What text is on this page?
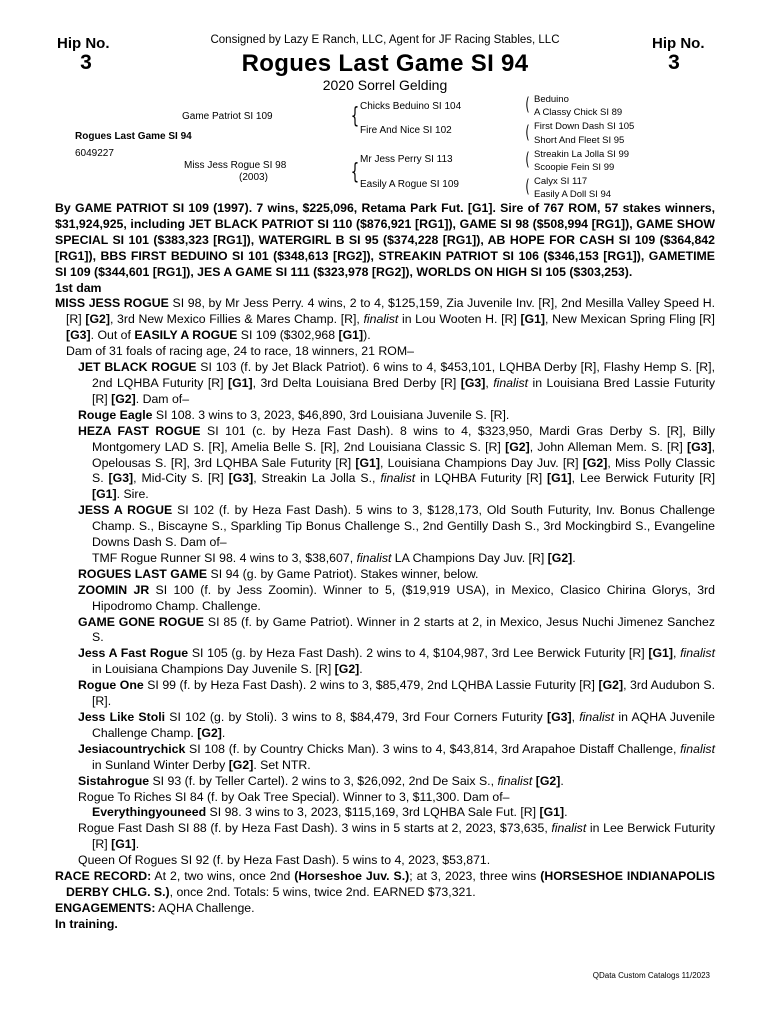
Hip No.
3
Hip No.
3
Consigned by Lazy E Ranch, LLC, Agent for JF Racing Stables, LLC
Rogues Last Game SI 94
2020 Sorrel Gelding
Rogues Last Game SI 94
6049227
Game Patriot SI 109
Miss Jess Rogue SI 98
(2003)
{
{
Chicks Beduino SI 104
Fire And Nice SI 102
Mr Jess Perry SI 113
Easily A Rogue SI 109
(
(
(
(
Beduino
A Classy Chick SI 89
First Down Dash SI 105
Short And Fleet SI 95
Streakin La Jolla SI 99
Scoopie Fein SI 99
Calyx SI 117
Easily A Doll SI 94

By GAME PATRIOT SI 109 (1997). 7 wins, $225,096, Retama Park Fut. [G1]. Sire of 767 ROM, 57 stakes winners, $31,924,925, including JET BLACK PATRIOT SI 110 ($876,921 [RG1]), GAME SI 98 ($508,994 [RG1]), GAME SHOW SPECIAL SI 101 ($383,323 [RG1]), WATERGIRL B SI 95 ($374,228 [RG1]), AB HOPE FOR CASH SI 109 ($364,842 [RG1]), BBS FIRST BEDUINO SI 101 ($348,613 [RG2]), STREAKIN PATRIOT SI 106 ($346,153 [RG1]), GAMETIME SI 109 ($344,601 [RG1]), JES A GAME SI 111 ($323,978 [RG2]), WORLDS ON HIGH SI 105 ($303,253).

1st dam

MISS JESS ROGUE SI 98, by Mr Jess Perry. 4 wins, 2 to 4, $125,159, Zia Juvenile Inv. [R], 2nd Mesilla Valley Speed H. [R] [G2], 3rd New Mexico Fillies & Mares Champ. [R], finalist in Lou Wooten H. [R] [G1], New Mexican Spring Fling [R] [G3]. Out of EASILY A ROGUE SI 109 ($302,968 [G1]).

Dam of 31 foals of racing age, 24 to race, 18 winners, 21 ROM–

JET BLACK ROGUE SI 103 (f. by Jet Black Patriot). 6 wins to 4, $453,101, LQHBA Derby [R], Flashy Hemp S. [R], 2nd LQHBA Futurity [R] [G1], 3rd Delta Louisiana Bred Derby [R] [G3], finalist in Louisiana Bred Lassie Futurity [R] [G2]. Dam of–

Rouge Eagle SI 108. 3 wins to 3, 2023, $46,890, 3rd Louisiana Juvenile S. [R].

HEZA FAST ROGUE SI 101 (c. by Heza Fast Dash). 8 wins to 4, $323,950, Mardi Gras Derby S. [R], Billy Montgomery LAD S. [R], Amelia Belle S. [R], 2nd Louisiana Classic S. [R] [G2], John Alleman Mem. S. [R] [G3], Opelousas S. [R], 3rd LQHBA Sale Futurity [R] [G1], Louisiana Champions Day Juv. [R] [G2], Miss Polly Classic S. [G3], Mid-City S. [R] [G3], Streakin La Jolla S., finalist in LQHBA Futurity [R] [G1], Lee Berwick Futurity [R] [G1]. Sire.

JESS A ROGUE SI 102 (f. by Heza Fast Dash). 5 wins to 3, $128,173, Old South Futurity, Inv. Bonus Challenge Champ. S., Biscayne S., Sparkling Tip Bonus Challenge S., 2nd Gentilly Dash S., 3rd Mockingbird S., Evangeline Downs Dash S. Dam of–

TMF Rogue Runner SI 98. 4 wins to 3, $38,607, finalist LA Champions Day Juv. [R] [G2].

ROGUES LAST GAME SI 94 (g. by Game Patriot). Stakes winner, below.

ZOOMIN JR SI 100 (f. by Jess Zoomin). Winner to 5, ($19,919 USA), in Mexico, Clasico Chirina Glorys, 3rd Hipodromo Champ. Challenge.

GAME GONE ROGUE SI 85 (f. by Game Patriot). Winner in 2 starts at 2, in Mexico, Jesus Nuchi Jimenez Sanchez S.

Jess A Fast Rogue SI 105 (g. by Heza Fast Dash). 2 wins to 4, $104,987, 3rd Lee Berwick Futurity [R] [G1], finalist in Louisiana Champions Day Juvenile S. [R] [G2].

Rogue One SI 99 (f. by Heza Fast Dash). 2 wins to 3, $85,479, 2nd LQHBA Lassie Futurity [R] [G2], 3rd Audubon S. [R].

Jess Like Stoli SI 102 (g. by Stoli). 3 wins to 8, $84,479, 3rd Four Corners Futurity [G3], finalist in AQHA Juvenile Challenge Champ. [G2].

Jesiacountrychick SI 108 (f. by Country Chicks Man). 3 wins to 4, $43,814, 3rd Arapahoe Distaff Challenge, finalist in Sunland Winter Derby [G2]. Set NTR.

Sistahrogue SI 93 (f. by Teller Cartel). 2 wins to 3, $26,092, 2nd De Saix S., finalist [G2].

Rogue To Riches SI 84 (f. by Oak Tree Special). Winner to 3, $11,300. Dam of–

Everythingyouneed SI 98. 3 wins to 3, 2023, $115,169, 3rd LQHBA Sale Fut. [R] [G1].

Rogue Fast Dash SI 88 (f. by Heza Fast Dash). 3 wins in 5 starts at 2, 2023, $73,635, finalist in Lee Berwick Futurity [R] [G1].

Queen Of Rogues SI 92 (f. by Heza Fast Dash). 5 wins to 4, 2023, $53,871.

RACE RECORD: At 2, two wins, once 2nd (Horseshoe Juv. S.); at 3, 2023, three wins (HORSESHOE INDIANAPOLIS DERBY CHLG. S.), once 2nd. Totals: 5 wins, twice 2nd. EARNED $73,321.

ENGAGEMENTS: AQHA Challenge.

In training.

QData Custom Catalogs 11/2023
